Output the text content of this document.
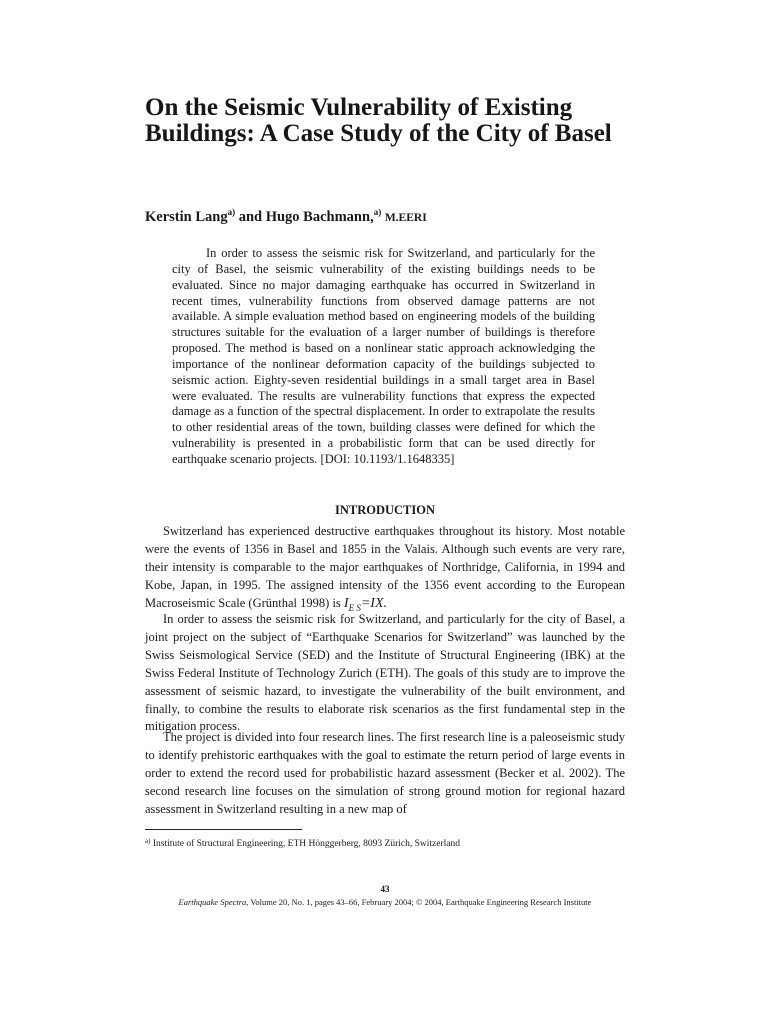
On the Seismic Vulnerability of Existing Buildings: A Case Study of the City of Basel
Kerstin Lang$^{a)}$ and Hugo Bachmann,$^{a)}$ M.EERI

In order to assess the seismic risk for Switzerland, and particularly for the city of Basel, the seismic vulnerability of the existing buildings needs to be evaluated. Since no major damaging earthquake has occurred in Switzerland in recent times, vulnerability functions from observed damage patterns are not available. A simple evaluation method based on engineering models of the building structures suitable for the evaluation of a larger number of buildings is therefore proposed. The method is based on a nonlinear static approach acknowledging the importance of the nonlinear deformation capacity of the buildings subjected to seismic action. Eighty-seven residential buildings in a small target area in Basel were evaluated. The results are vulnerability functions that express the expected damage as a function of the spectral displacement. In order to extrapolate the results to other residential areas of the town, building classes were defined for which the vulnerability is presented in a probabilistic form that can be used directly for earthquake scenario projects. [DOI: 10.1193/1.1648335]

INTRODUCTION

Switzerland has experienced destructive earthquakes throughout its history. Most notable were the events of 1356 in Basel and 1855 in the Valais. Although such events are very rare, their intensity is comparable to the major earthquakes of Northridge, California, in 1994 and Kobe, Japan, in 1995. The assigned intensity of the 1356 event according to the European Macroseismic Scale (Grünthal 1998) is $I_{E S}=IX$.

In order to assess the seismic risk for Switzerland, and particularly for the city of Basel, a joint project on the subject of “Earthquake Scenarios for Switzerland” was launched by the Swiss Seismological Service (SED) and the Institute of Structural Engineering (IBK) at the Swiss Federal Institute of Technology Zurich (ETH). The goals of this study are to improve the assessment of seismic hazard, to investigate the vulnerability of the built environment, and finally, to combine the results to elaborate risk scenarios as the first fundamental step in the mitigation process.

The project is divided into four research lines. The first research line is a paleoseismic study to identify prehistoric earthquakes with the goal to estimate the return period of large events in order to extend the record used for probabilistic hazard assessment (Becker et al. 2002). The second research line focuses on the simulation of strong ground motion for regional hazard assessment in Switzerland resulting in a new map of

$^{a)}$ Institute of Structural Engineering, ETH Hönggerberg, 8093 Zürich, Switzerland
43
Earthquake Spectra, Volume 20, No. 1, pages 43–66, February 2004; © 2004, Earthquake Engineering Research Institute
